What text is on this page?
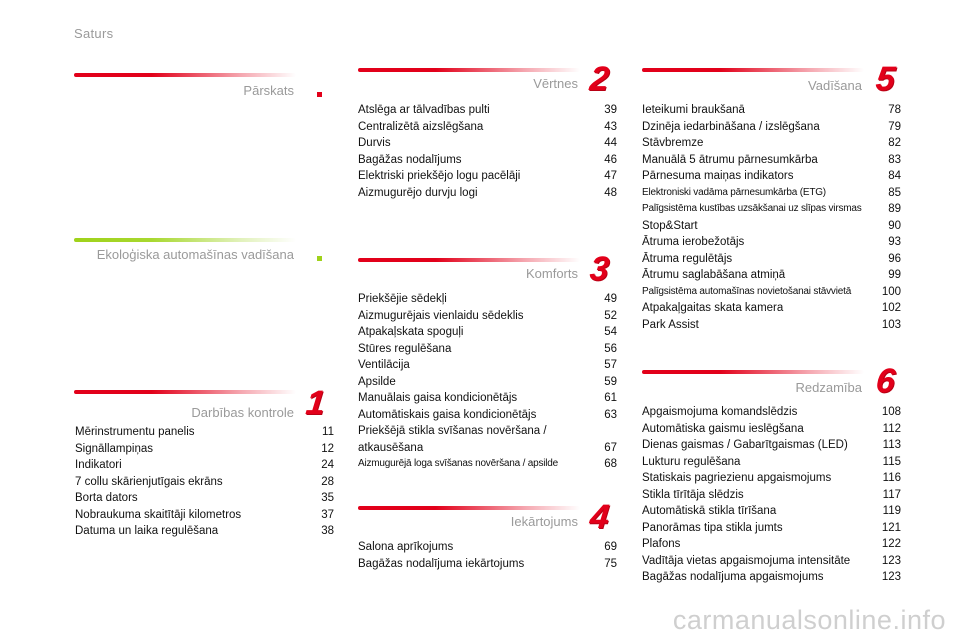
Saturs
Pārskats
Ekoloģiska automašīnas vadīšana
Darbības kontrole 1
Mērinstrumentu panelis	11
Signāllampiņas	12
Indikatori	24
7 collu skārienjutīgais ekrāns	28
Borta dators	35
Nobraukuma skaitītāji kilometros	37
Datuma un laika regulēšana	38
Vērtnes 2
Atslēga ar tālvadības pulti	39
Centralizētā aizslēgšana	43
Durvis	44
Bagāžas nodalījums	46
Elektriski priekšējo logu pacēlāji	47
Aizmugurējo durvju logi	48
Komforts 3
Priekšējie sēdekļi	49
Aizmugurējais vienlaidu sēdeklis	52
Atpakaļskata spoguļi	54
Stūres regulēšana	56
Ventilācija	57
Apsilde	59
Manuālais gaisa kondicionētājs	61
Automātiskais gaisa kondicionētājs	63
Priekšējā stikla svīšanas novēršana / atkausēšana	67
Aizmugurējā loga svīšanas novēršana / apsilde	68
Iekārtojums 4
Salona aprīkojums	69
Bagāžas nodalījuma iekārtojums	75
Vadīšana 5
Ieteikumi braukšanā	78
Dzinēja iedarbināšana / izslēgšana	79
Stāvbremze	82
Manuālā 5 ātrumu pārnesumkārba	83
Pārnesuma maiņas indikators	84
Elektroniski vadāma pārnesumkārba (ETG)	85
Palīgsistēma kustības uzsākšanai uz slīpas virsmas	89
Stop&Start	90
Ātruma ierobežotājs	93
Ātruma regulētājs	96
Ātrumu saglabāšana atmiņā	99
Palīgsistēma automašīnas novietošanai stāvvietā	100
Atpakaļgaitas skata kamera	102
Park Assist	103
Redzamība 6
Apgaismojuma komandslēdzis	108
Automātiska gaismu ieslēgšana	112
Dienas gaismas / Gabarītgaismas (LED)	113
Lukturu regulēšana	115
Statiskais pagriezienu apgaismojums	116
Stikla tīrītāja slēdzis	117
Automātiskā stikla tīrīšana	119
Panorāmas tipa stikla jumts	121
Plafons	122
Vadītāja vietas apgaismojuma intensitāte	123
Bagāžas nodalījuma apgaismojums	123
carmanualsonline.info
